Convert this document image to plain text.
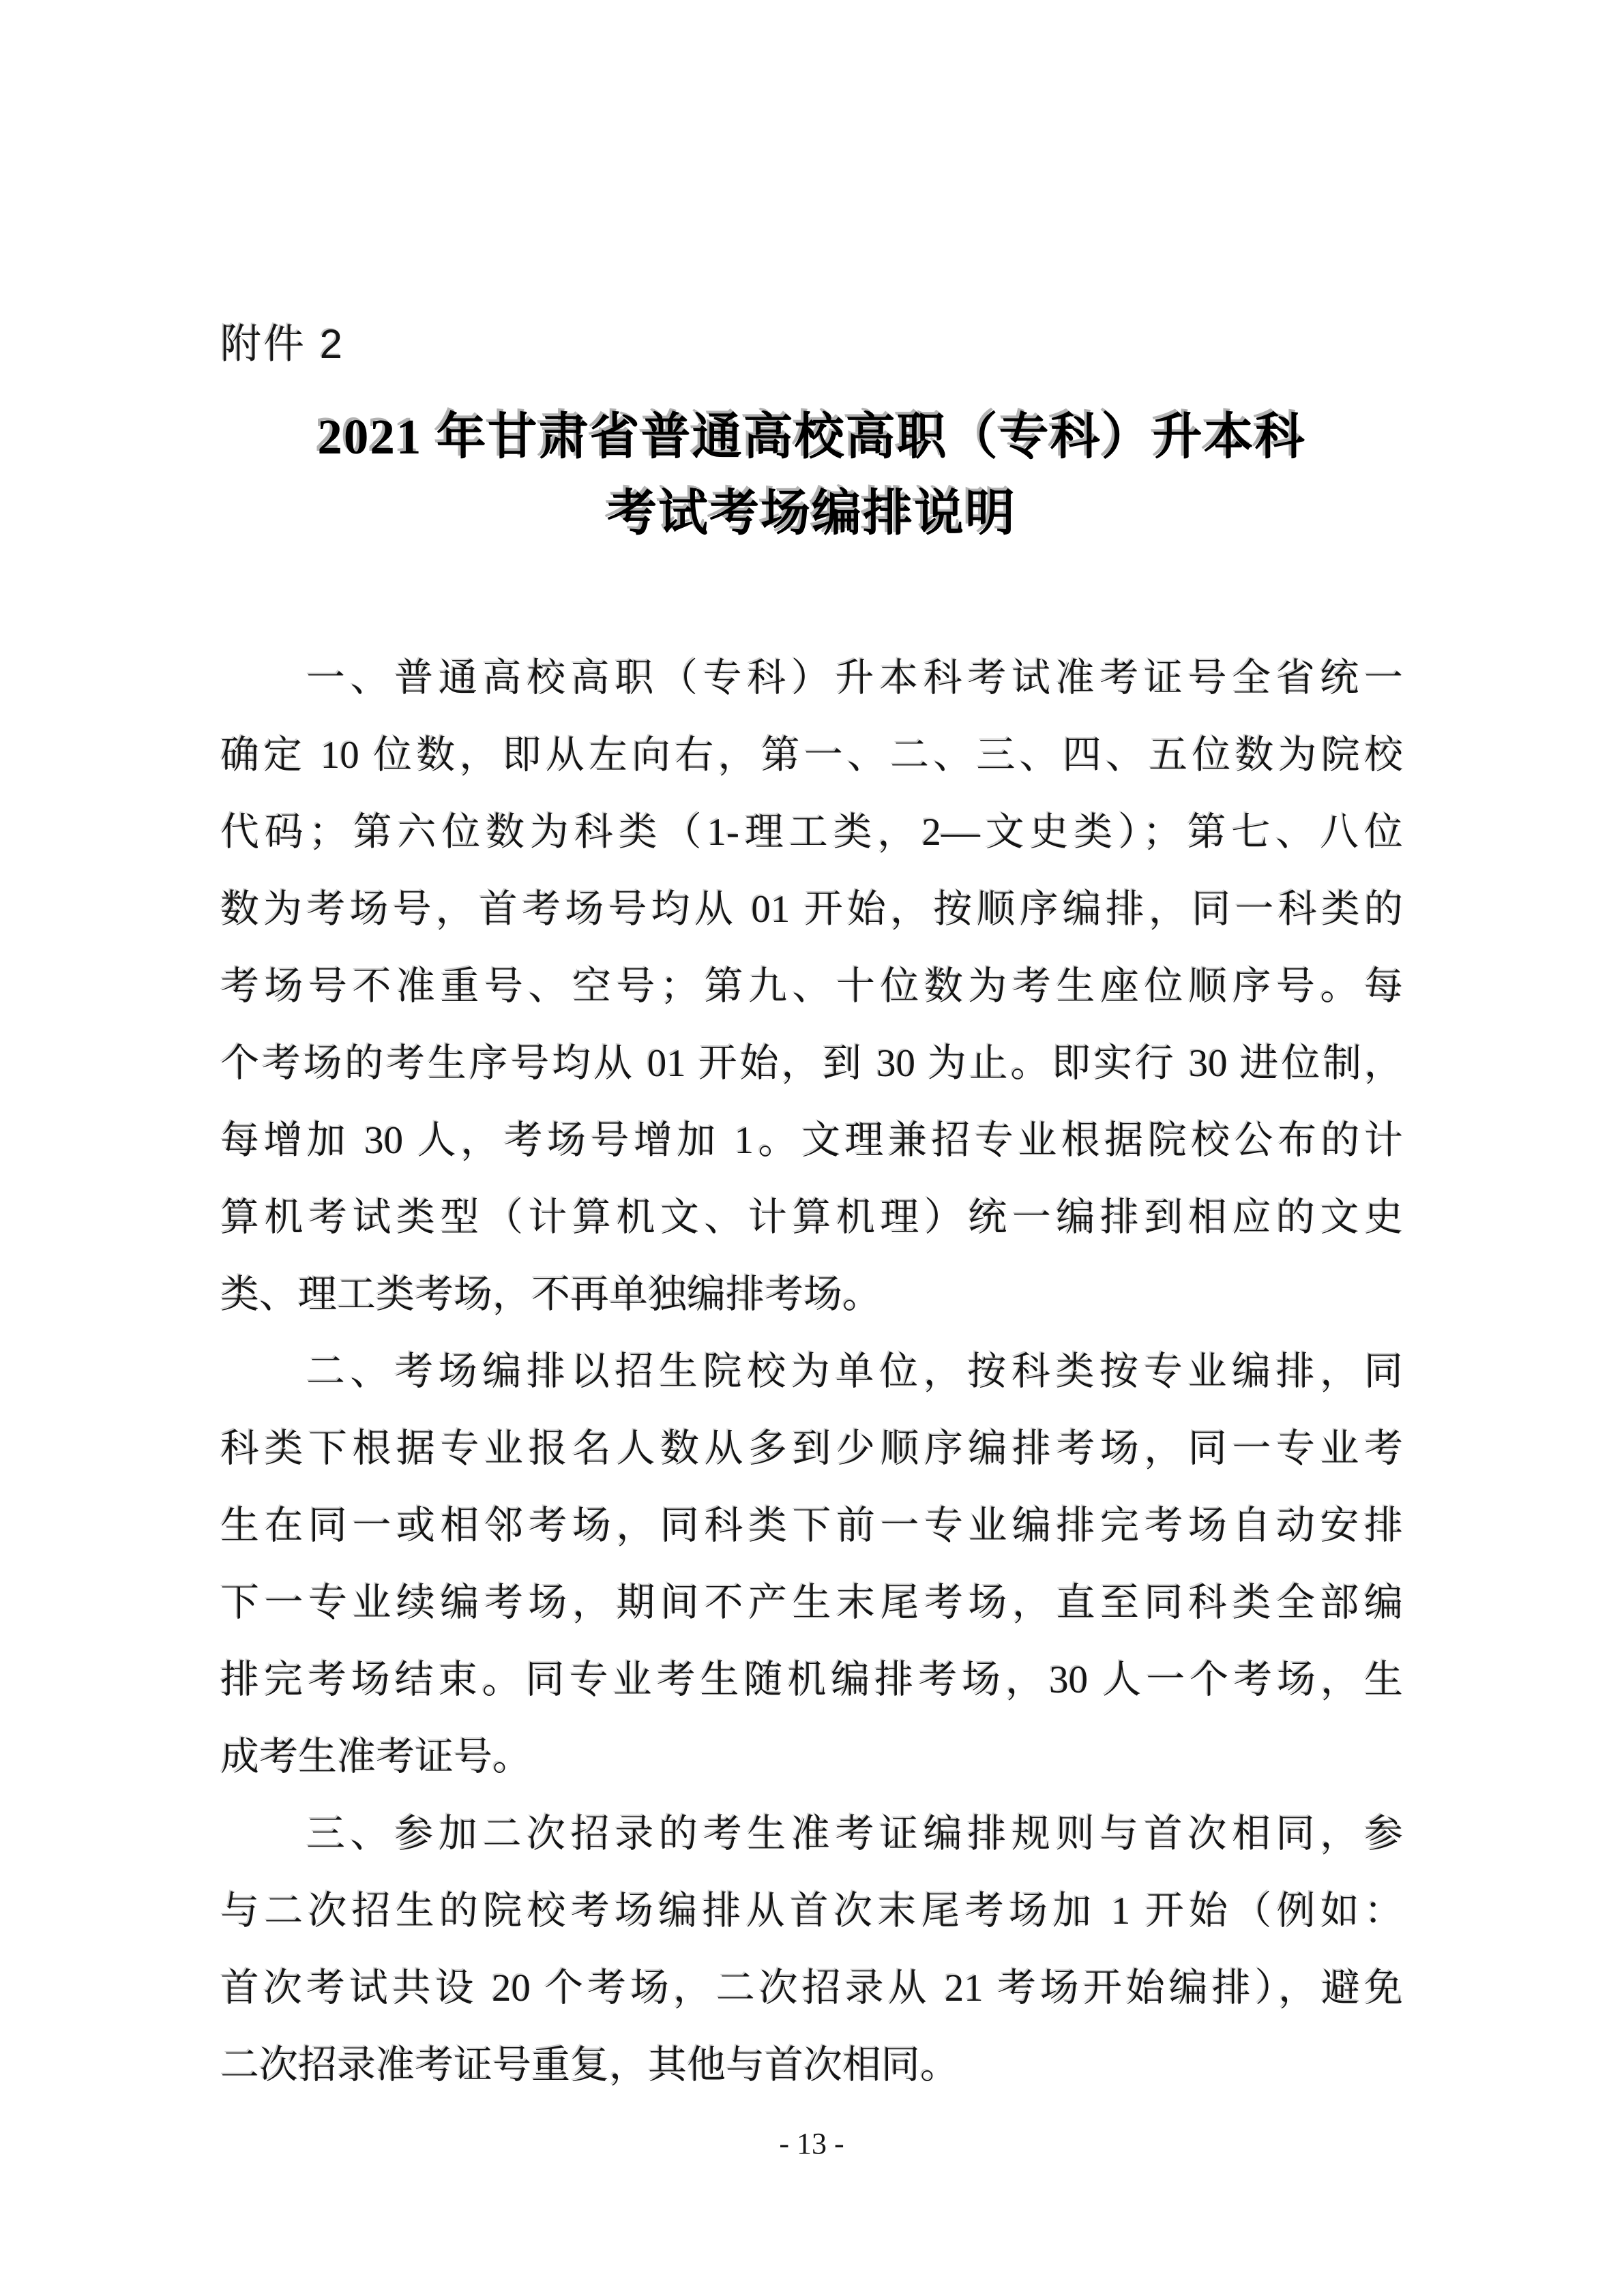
附件 2
2021 年甘肃省普通高校高职（专科）升本科
考试考场编排说明
一、普通高校高职（专科）升本科考试准考证号全省统一
确定 10 位数，即从左向右，第一、二、三、四、五位数为院校
代码；第六位数为科类（1-理工类，2—文史类）；第七、八位
数为考场号，首考场号均从 01 开始，按顺序编排，同一科类的
考场号不准重号、空号；第九、十位数为考生座位顺序号。每
个考场的考生序号均从 01 开始，到 30 为止。即实行 30 进位制，
每增加 30 人，考场号增加 1。文理兼招专业根据院校公布的计
算机考试类型（计算机文、计算机理）统一编排到相应的文史
类、理工类考场，不再单独编排考场。
二、考场编排以招生院校为单位，按科类按专业编排，同
科类下根据专业报名人数从多到少顺序编排考场，同一专业考
生在同一或相邻考场，同科类下前一专业编排完考场自动安排
下一专业续编考场，期间不产生末尾考场，直至同科类全部编
排完考场结束。同专业考生随机编排考场，30 人一个考场，生
成考生准考证号。
三、参加二次招录的考生准考证编排规则与首次相同，参
与二次招生的院校考场编排从首次末尾考场加 1 开始（例如：
首次考试共设 20 个考场，二次招录从 21 考场开始编排），避免
二次招录准考证号重复，其他与首次相同。
- 13 -
